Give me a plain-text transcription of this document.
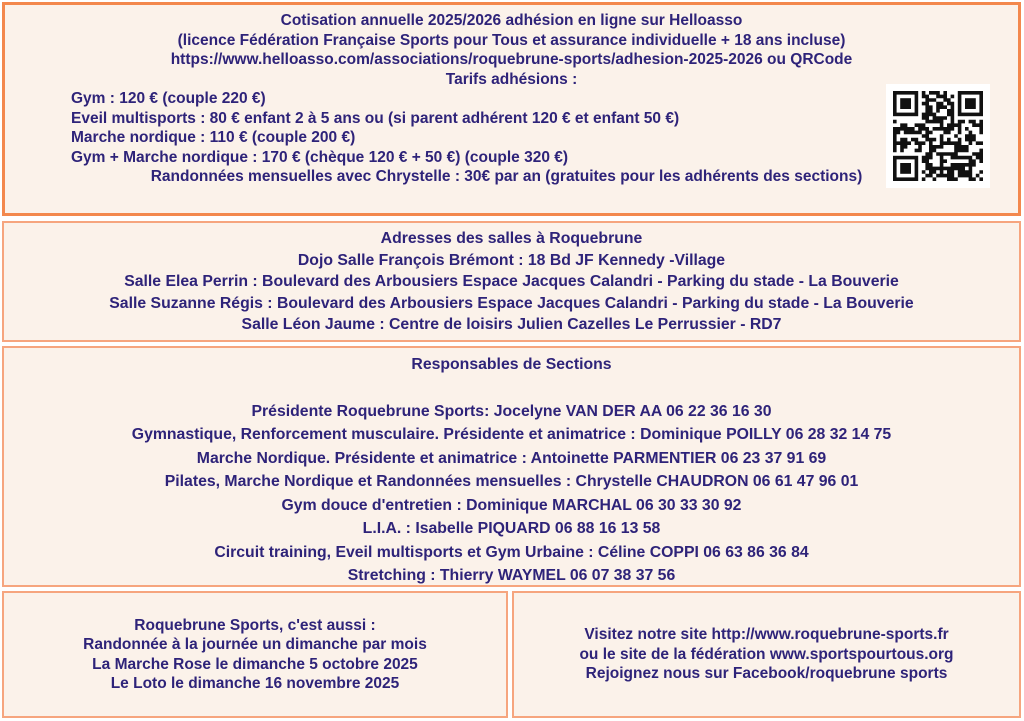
Cotisation annuelle 2025/2026 adhésion en ligne sur Helloasso
(licence Fédération Française Sports pour Tous et assurance individuelle + 18 ans incluse)
https://www.helloasso.com/associations/roquebrune-sports/adhesion-2025-2026 ou QRCode
Tarifs adhésions :
Gym : 120 € (couple 220 €)
Eveil multisports : 80 € enfant 2 à 5 ans ou (si parent adhérent 120 € et enfant 50 €)
Marche nordique : 110 € (couple 200 €)
Gym + Marche nordique : 170 € (chèque 120 € + 50 €) (couple 320 €)
Randonnées mensuelles avec Chrystelle : 30€ par an (gratuites pour les adhérents des sections)
Adresses des salles à Roquebrune
Dojo Salle François Brémont : 18 Bd JF Kennedy -Village
Salle Elea Perrin : Boulevard des Arbousiers Espace Jacques Calandri - Parking du stade - La Bouverie
Salle Suzanne Régis : Boulevard des Arbousiers Espace Jacques Calandri - Parking du stade - La Bouverie
Salle Léon Jaume : Centre de loisirs Julien Cazelles Le Perrussier - RD7
Responsables de Sections
Présidente Roquebrune Sports: Jocelyne VAN DER AA 06 22 36 16 30
Gymnastique, Renforcement musculaire. Présidente et animatrice : Dominique POILLY 06 28 32 14 75
Marche Nordique. Présidente et animatrice : Antoinette PARMENTIER 06 23 37 91 69
Pilates, Marche Nordique et Randonnées mensuelles : Chrystelle CHAUDRON 06 61 47 96 01
Gym douce d'entretien : Dominique MARCHAL 06 30 33 30 92
L.I.A. : Isabelle PIQUARD 06 88 16 13 58
Circuit training, Eveil multisports et Gym Urbaine : Céline COPPI 06 63 86 36 84
Stretching : Thierry WAYMEL 06 07 38 37 56
Roquebrune Sports, c'est aussi :
Randonnée à la journée un dimanche par mois
La Marche Rose le dimanche 5 octobre 2025
Le Loto le dimanche 16 novembre 2025
Visitez notre site http://www.roquebrune-sports.fr
ou le site de la fédération www.sportspourtous.org
Rejoignez nous sur Facebook/roquebrune sports
